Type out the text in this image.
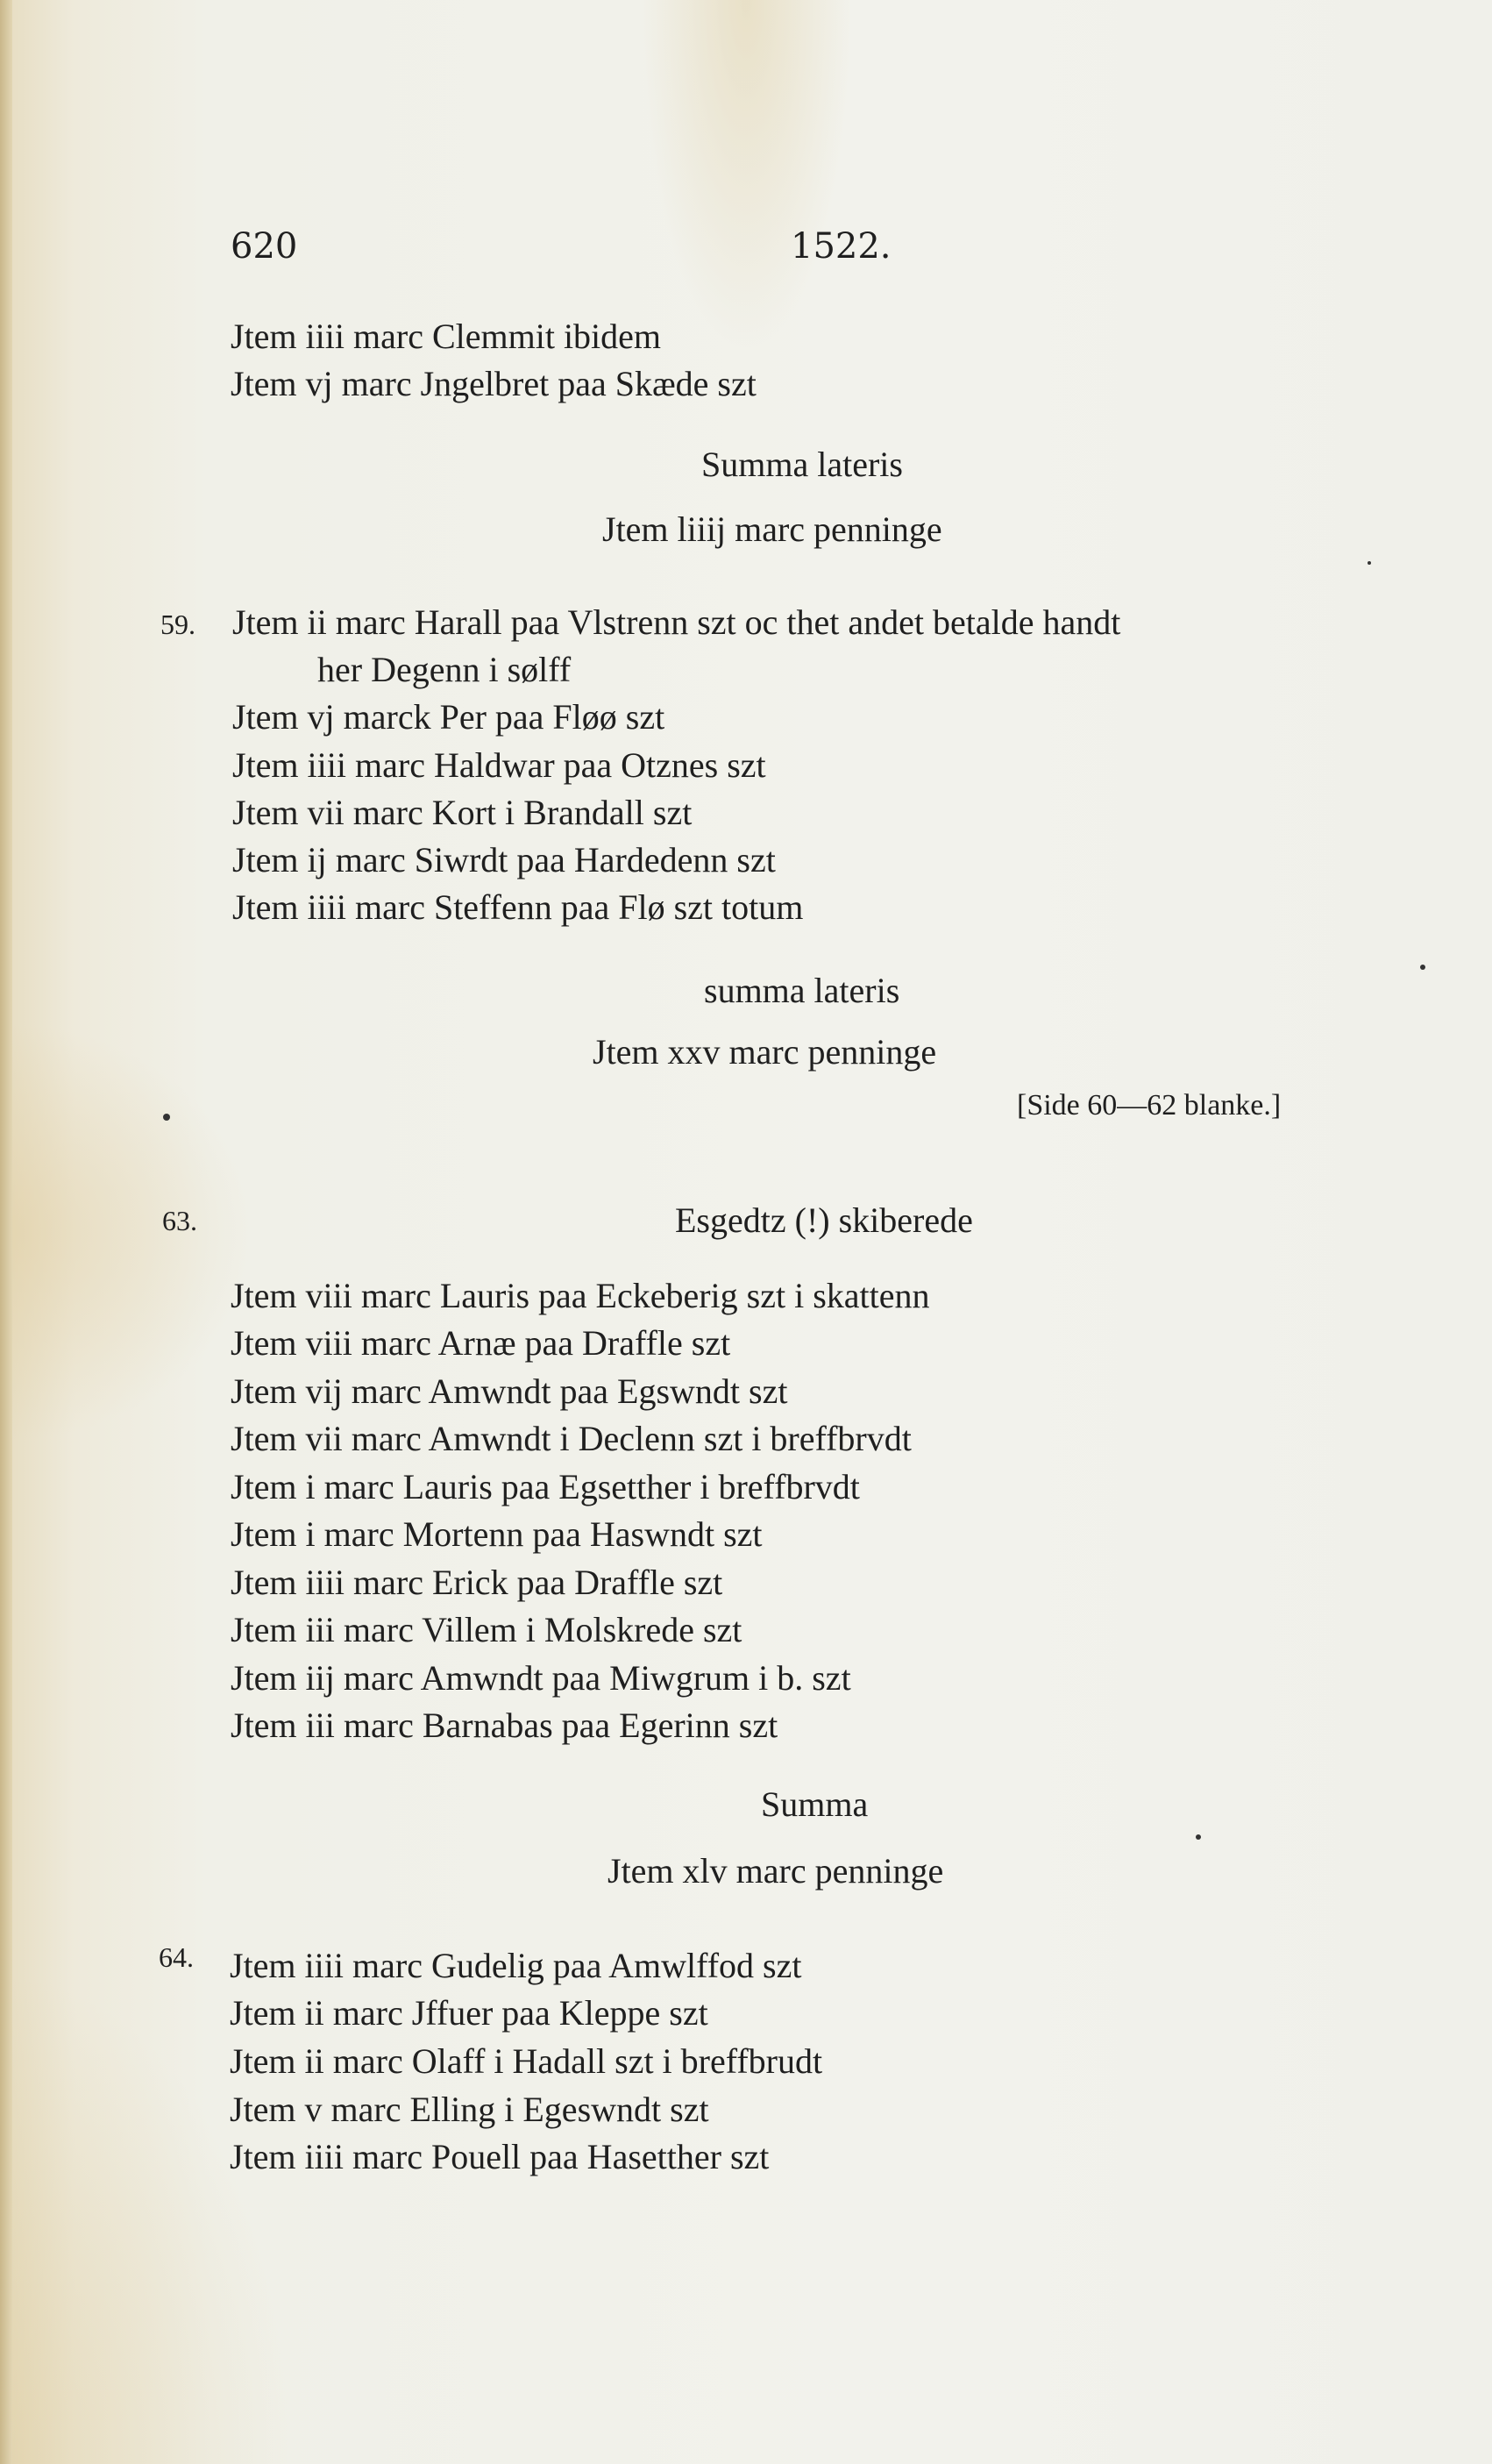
620	1522.
Jtem iiii marc Clemmit ibidem
Jtem vj marc Jngelbret paa Skæde szt
Summa lateris
Jtem liiij marc penninge
59. Jtem ii marc Harall paa Vlstrenn szt oc thet andet betalde handt
her Degenn i sølff
Jtem vj marck Per paa Fløø szt
Jtem iiii marc Haldwar paa Otznes szt
Jtem vii marc Kort i Brandall szt
Jtem ij marc Siwrdt paa Hardedenn szt
Jtem iiii marc Steffenn paa Flø szt totum
summa lateris
Jtem xxv marc penninge
[Side 60—62 blanke.]
63.	Esgedtz (!) skiberede
Jtem viii marc Lauris paa Eckeberig szt i skattenn
Jtem viii marc Arnæ paa Draffle szt
Jtem vij marc Amwndt paa Egswndt szt
Jtem vii marc Amwndt i Declenn szt i breffbrvdt
Jtem i marc Lauris paa Egsetther i breffbrvdt
Jtem i marc Mortenn paa Haswndt szt
Jtem iiii marc Erick paa Draffle szt
Jtem iii marc Villem i Molskrede szt
Jtem iij marc Amwndt paa Miwgrum i b. szt
Jtem iii marc Barnabas paa Egerinn szt
Summa
Jtem xlv marc penninge
64. Jtem iiii marc Gudelig paa Amwlffod szt
Jtem ii marc Jffuer paa Kleppe szt
Jtem ii marc Olaff i Hadall szt i breffbrudt
Jtem v marc Elling i Egeswndt szt
Jtem iiii marc Pouell paa Hasetther szt
